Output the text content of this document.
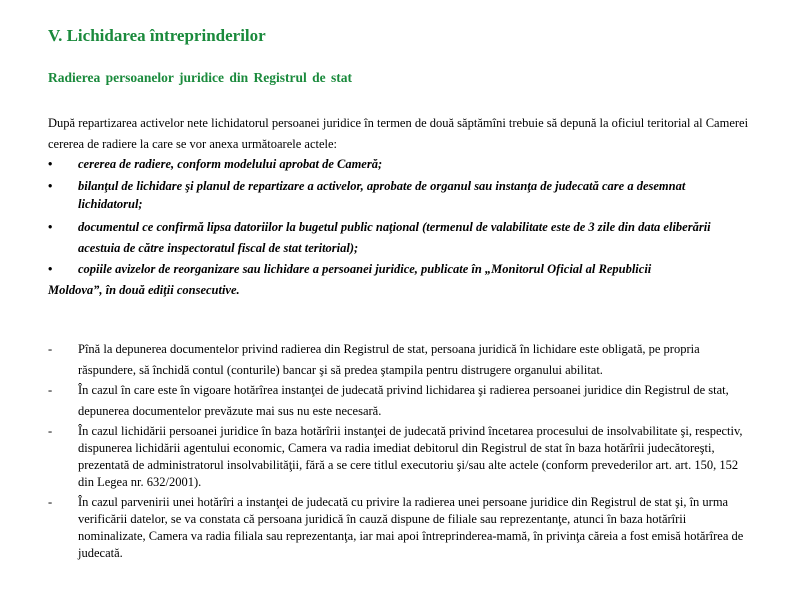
V. Lichidarea întreprinderilor
Radierea persoanelor juridice din Registrul de stat
După repartizarea activelor nete lichidatorul persoanei juridice în termen de două săptămîni trebuie să depună la oficiul teritorial al Camerei cererea de radiere la care se vor anexa următoarele actele:
• cererea de radiere, conform modelului aprobat de Cameră;
• bilanţul de lichidare şi planul de repartizare a activelor, aprobate de organul sau instanţa de judecată care a desemnat
lichidatorul;
• documentul ce confirmă lipsa datoriilor la bugetul public naţional (termenul de valabilitate este de 3 zile din data eliberării acestuia de către inspectoratul fiscal de stat teritorial);
• copiile avizelor de reorganizare sau lichidare a persoanei juridice, publicate în „Monitorul Oficial al Republicii
Moldova”, în două ediţii consecutive.
- Pînă la depunerea documentelor privind radierea din Registrul de stat, persoana juridică în lichidare este obligată, pe propria răspundere, să închidă contul (conturile) bancar şi să predea ştampila pentru distrugere organului abilitat.
- În cazul în care este în vigoare hotărîrea instanţei de judecată privind lichidarea şi radierea persoanei juridice din Registrul de stat, depunerea documentelor prevăzute mai sus nu este necesară.
- În cazul lichidării persoanei juridice în baza hotărîrii instanţei de judecată privind încetarea procesului de insolvabilitate şi, respectiv, dispunerea lichidării agentului economic, Camera va radia imediat debitorul din Registrul de stat în baza hotărîrii judecătoreşti, prezentată de administratorul insolvabilităţii, fără a se cere titlul executoriu şi/sau alte actele (conform prevederilor art. art. 150, 152 din Legea nr. 632/2001).
- În cazul parvenirii unei hotărîri a instanţei de judecată cu privire la radierea unei persoane juridice din Registrul de stat şi, în urma verificării datelor, se va constata că persoana juridică în cauză dispune de filiale sau reprezentanţe, atunci în baza hotărîrii nominalizate, Camera va radia filiala sau reprezentanţa, iar mai apoi întreprinderea-mamă, în privinţa căreia a fost emisă hotărîrea de judecată.
